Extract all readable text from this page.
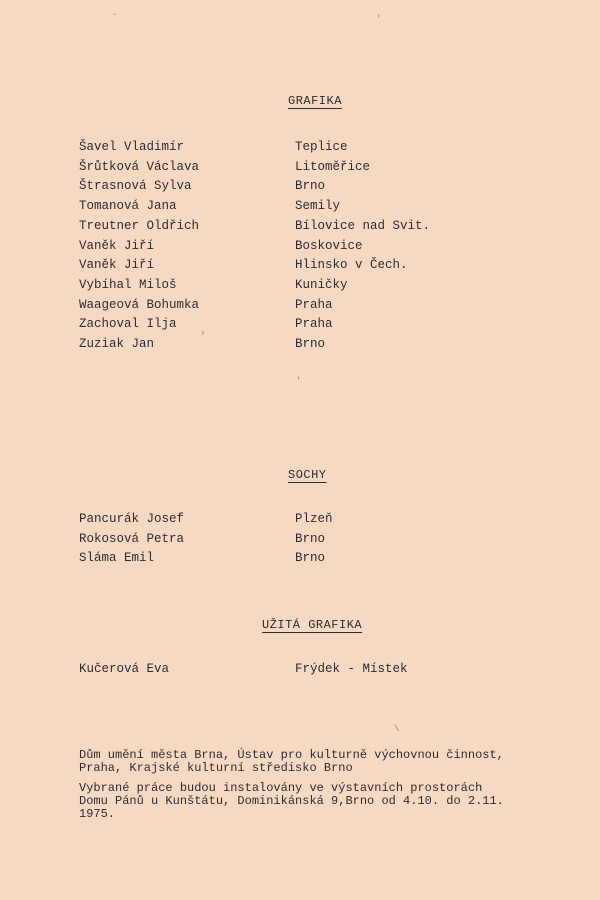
GRAFIKA
Šavel Vladimír	Teplice
Šrůtková Václava	Litoměřice
Štrasnová Sylva	Brno
Tomanová Jana	Semily
Treutner Oldřich	Bílovice nad Svit.
Vaněk Jiří	Boskovice
Vaněk Jiří	Hlinsko v Čech.
Vybíhal Miloš	Kuničky
Waageová Bohumka	Praha
Zachoval Ilja	Praha
Zuziak Jan	Brno
SOCHY
Pancurák Josef	Plzeň
Rokosová Petra	Brno
Sláma Emil	Brno
UŽITÁ GRAFIKA
Kučerová Eva	Frýdek - Místek
Dům umění města Brna, Ústav pro kulturně výchovnou činnost,
Praha, Krajské kulturní středisko Brno
Vybrané práce budou instalovány ve výstavních prostorách
Domu Pánů u Kunštátu, Dominikánská 9,Brno od 4.10. do 2.11.
1975.
·	'
'
›
\
